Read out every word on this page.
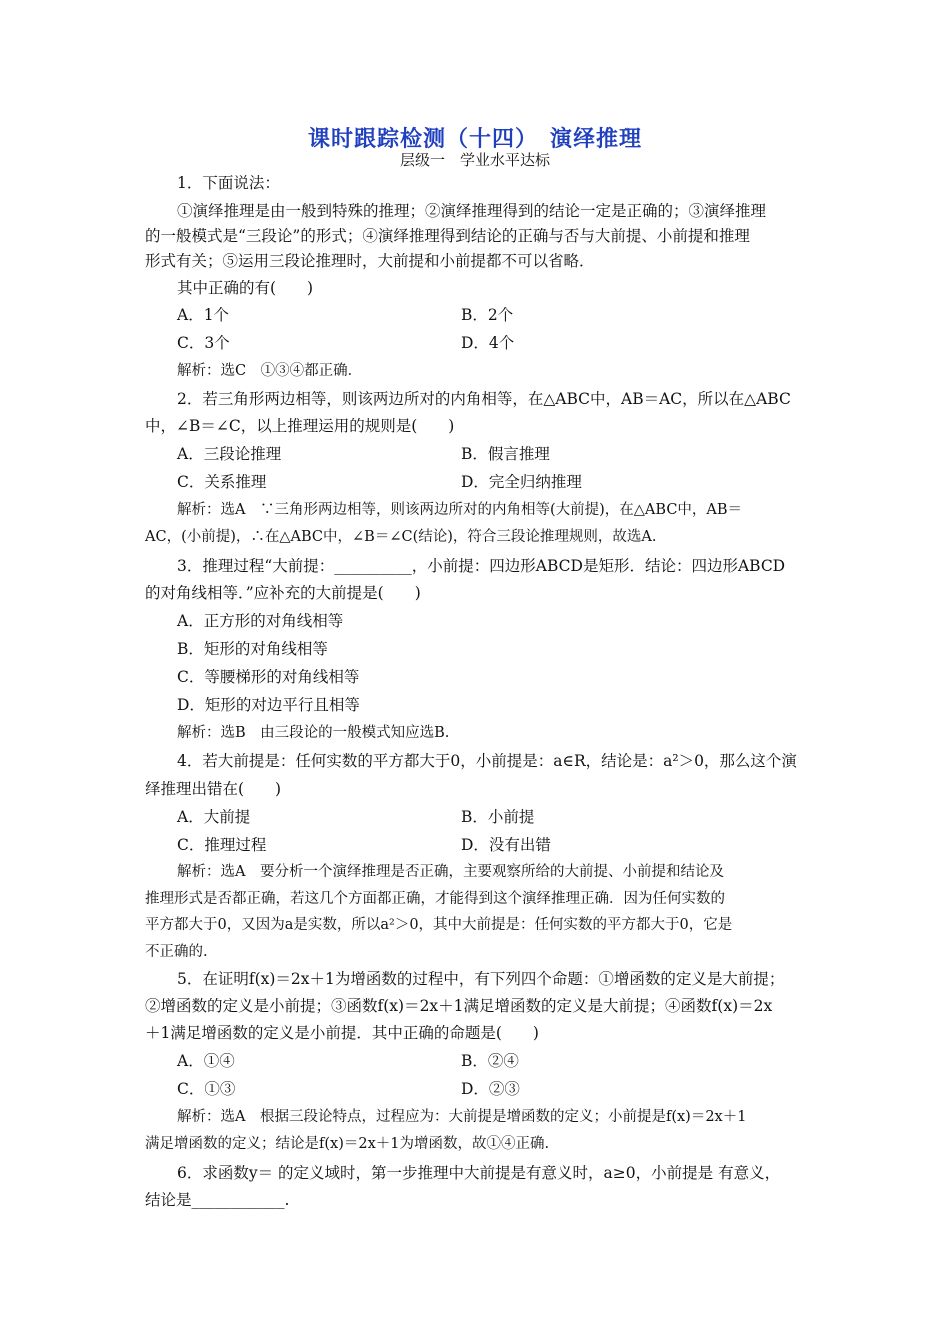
课时跟踪检测（十四）　演绎推理
层级一　学业水平达标
1．下面说法：
①演绎推理是由一般到特殊的推理；②演绎推理得到的结论一定是正确的；③演绎推理
的一般模式是“三段论”的形式；④演绎推理得到结论的正确与否与大前提、小前提和推理
形式有关；⑤运用三段论推理时，大前提和小前提都不可以省略．
其中正确的有(　　)
A．1个	B．2个
C．3个	D．4个
解析：选C　①③④都正确．
2．若三角形两边相等，则该两边所对的内角相等，在△ABC中，AB＝AC，所以在△ABC
中，∠B＝∠C，以上推理运用的规则是(　　)
A．三段论推理	B．假言推理
C．关系推理	D．完全归纳推理
解析：选A　∵三角形两边相等，则该两边所对的内角相等(大前提)，在△ABC中，AB＝
AC，(小前提)，∴在△ABC中，∠B＝∠C(结论)，符合三段论推理规则，故选A.
3．推理过程“大前提：__________，小前提：四边形ABCD是矩形．结论：四边形ABCD
的对角线相等．”应补充的大前提是(　　)
A．正方形的对角线相等
B．矩形的对角线相等
C．等腰梯形的对角线相等
D．矩形的对边平行且相等
解析：选B　由三段论的一般模式知应选B.
4．若大前提是：任何实数的平方都大于0，小前提是：a∈R，结论是：a²＞0，那么这个演
绎推理出错在(　　)
A．大前提	B．小前提
C．推理过程	D．没有出错
解析：选A　要分析一个演绎推理是否正确，主要观察所给的大前提、小前提和结论及
推理形式是否都正确，若这几个方面都正确，才能得到这个演绎推理正确．因为任何实数的
平方都大于0，又因为a是实数，所以a²＞0，其中大前提是：任何实数的平方都大于0，它是
不正确的.
5．在证明f(x)＝2x＋1为增函数的过程中，有下列四个命题：①增函数的定义是大前提；
②增函数的定义是小前提；③函数f(x)＝2x＋1满足增函数的定义是大前提；④函数f(x)＝2x
＋1满足增函数的定义是小前提．其中正确的命题是(　　)
A．①④	B．②④
C．①③	D．②③
解析：选A　根据三段论特点，过程应为：大前提是增函数的定义；小前提是f(x)＝2x＋1
满足增函数的定义；结论是f(x)＝2x＋1为增函数，故①④正确.
6．求函数y＝ 的定义域时，第一步推理中大前提是有意义时，a≥0，小前提是 有意义，
结论是____________.
